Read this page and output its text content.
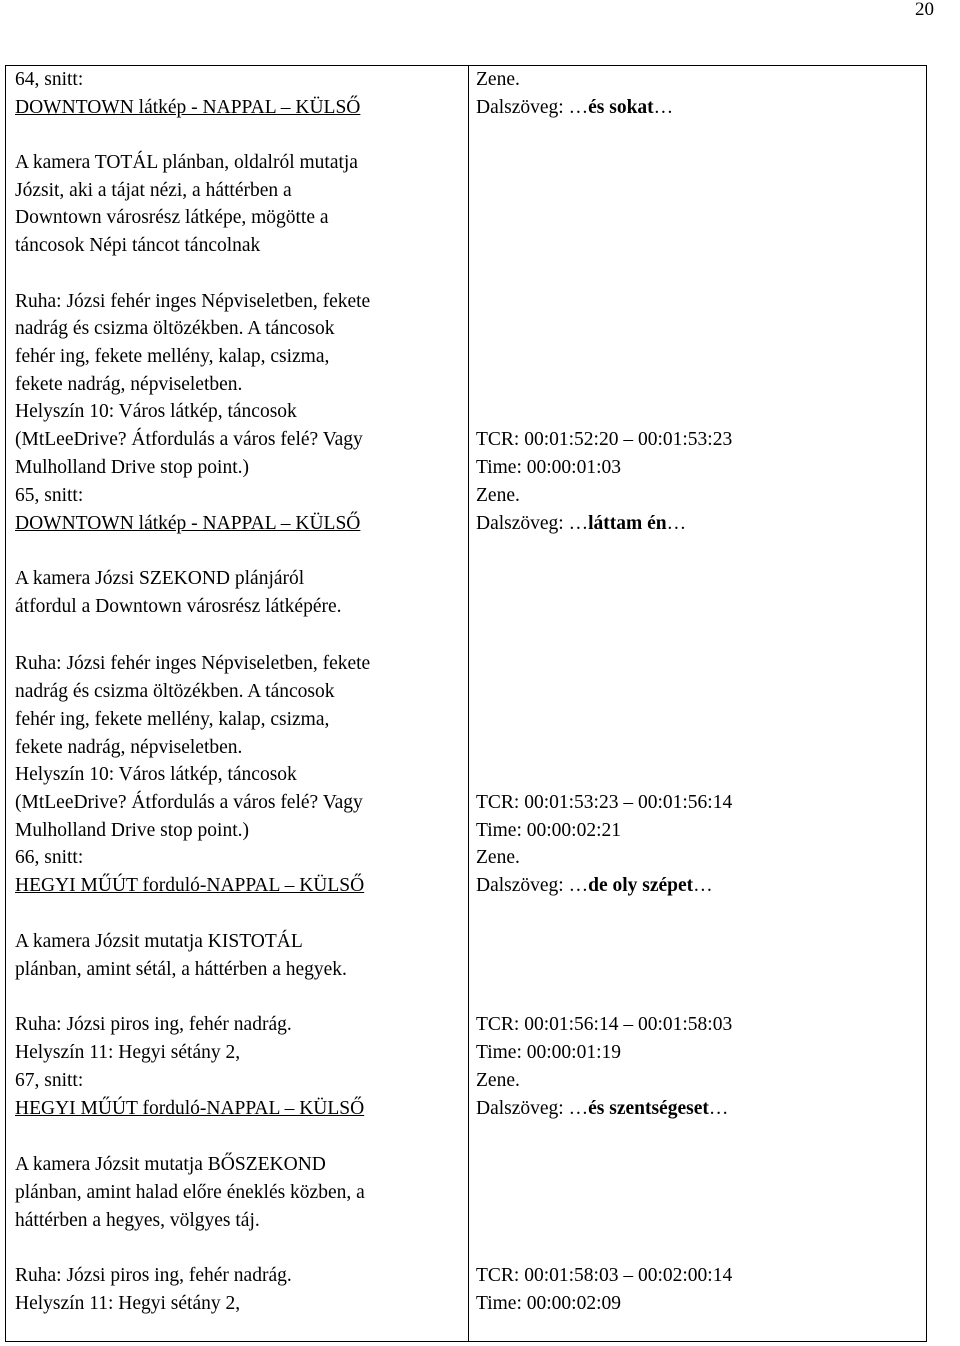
20
64, snitt:
DOWNTOWN látkép - NAPPAL – KÜLSŐ
A kamera TOTÁL plánban, oldalról mutatja
Józsit, aki a tájat nézi, a háttérben a
Downtown városrész látképe, mögötte a
táncosok Népi táncot táncolnak
Ruha: Józsi fehér inges Népviseletben, fekete
nadrág és csizma öltözékben. A táncosok
fehér ing, fekete mellény, kalap, csizma,
fekete nadrág, népviseletben.
Helyszín 10: Város látkép, táncosok
(MtLeeDrive? Átfordulás a város felé? Vagy
Mulholland Drive stop point.)
65, snitt:
DOWNTOWN látkép - NAPPAL – KÜLSŐ
A kamera Józsi SZEKOND plánjáról
átfordul a Downtown városrész látképére.
Ruha: Józsi fehér inges Népviseletben, fekete
nadrág és csizma öltözékben. A táncosok
fehér ing, fekete mellény, kalap, csizma,
fekete nadrág, népviseletben.
Helyszín 10: Város látkép, táncosok
(MtLeeDrive? Átfordulás a város felé? Vagy
Mulholland Drive stop point.)
66, snitt:
HEGYI MŰÚT forduló-NAPPAL – KÜLSŐ
A kamera Józsit mutatja KISTOTÁL
plánban, amint sétál, a háttérben a hegyek.
Ruha: Józsi piros ing, fehér nadrág.
Helyszín 11: Hegyi sétány 2,
67, snitt:
HEGYI MŰÚT forduló-NAPPAL – KÜLSŐ
A kamera Józsit mutatja BŐSZEKOND
plánban, amint halad előre éneklés közben, a
háttérben a hegyes, völgyes táj.
Ruha: Józsi piros ing, fehér nadrág.
Helyszín 11: Hegyi sétány 2,
Zene.
Dalszöveg: …és sokat…
TCR: 00:01:52:20 – 00:01:53:23
Time: 00:00:01:03
Zene.
Dalszöveg: …láttam én…
TCR: 00:01:53:23 – 00:01:56:14
Time: 00:00:02:21
Zene.
Dalszöveg: …de oly szépet…
TCR: 00:01:56:14 – 00:01:58:03
Time: 00:00:01:19
Zene.
Dalszöveg: …és szentségeset…
TCR: 00:01:58:03 – 00:02:00:14
Time: 00:00:02:09
